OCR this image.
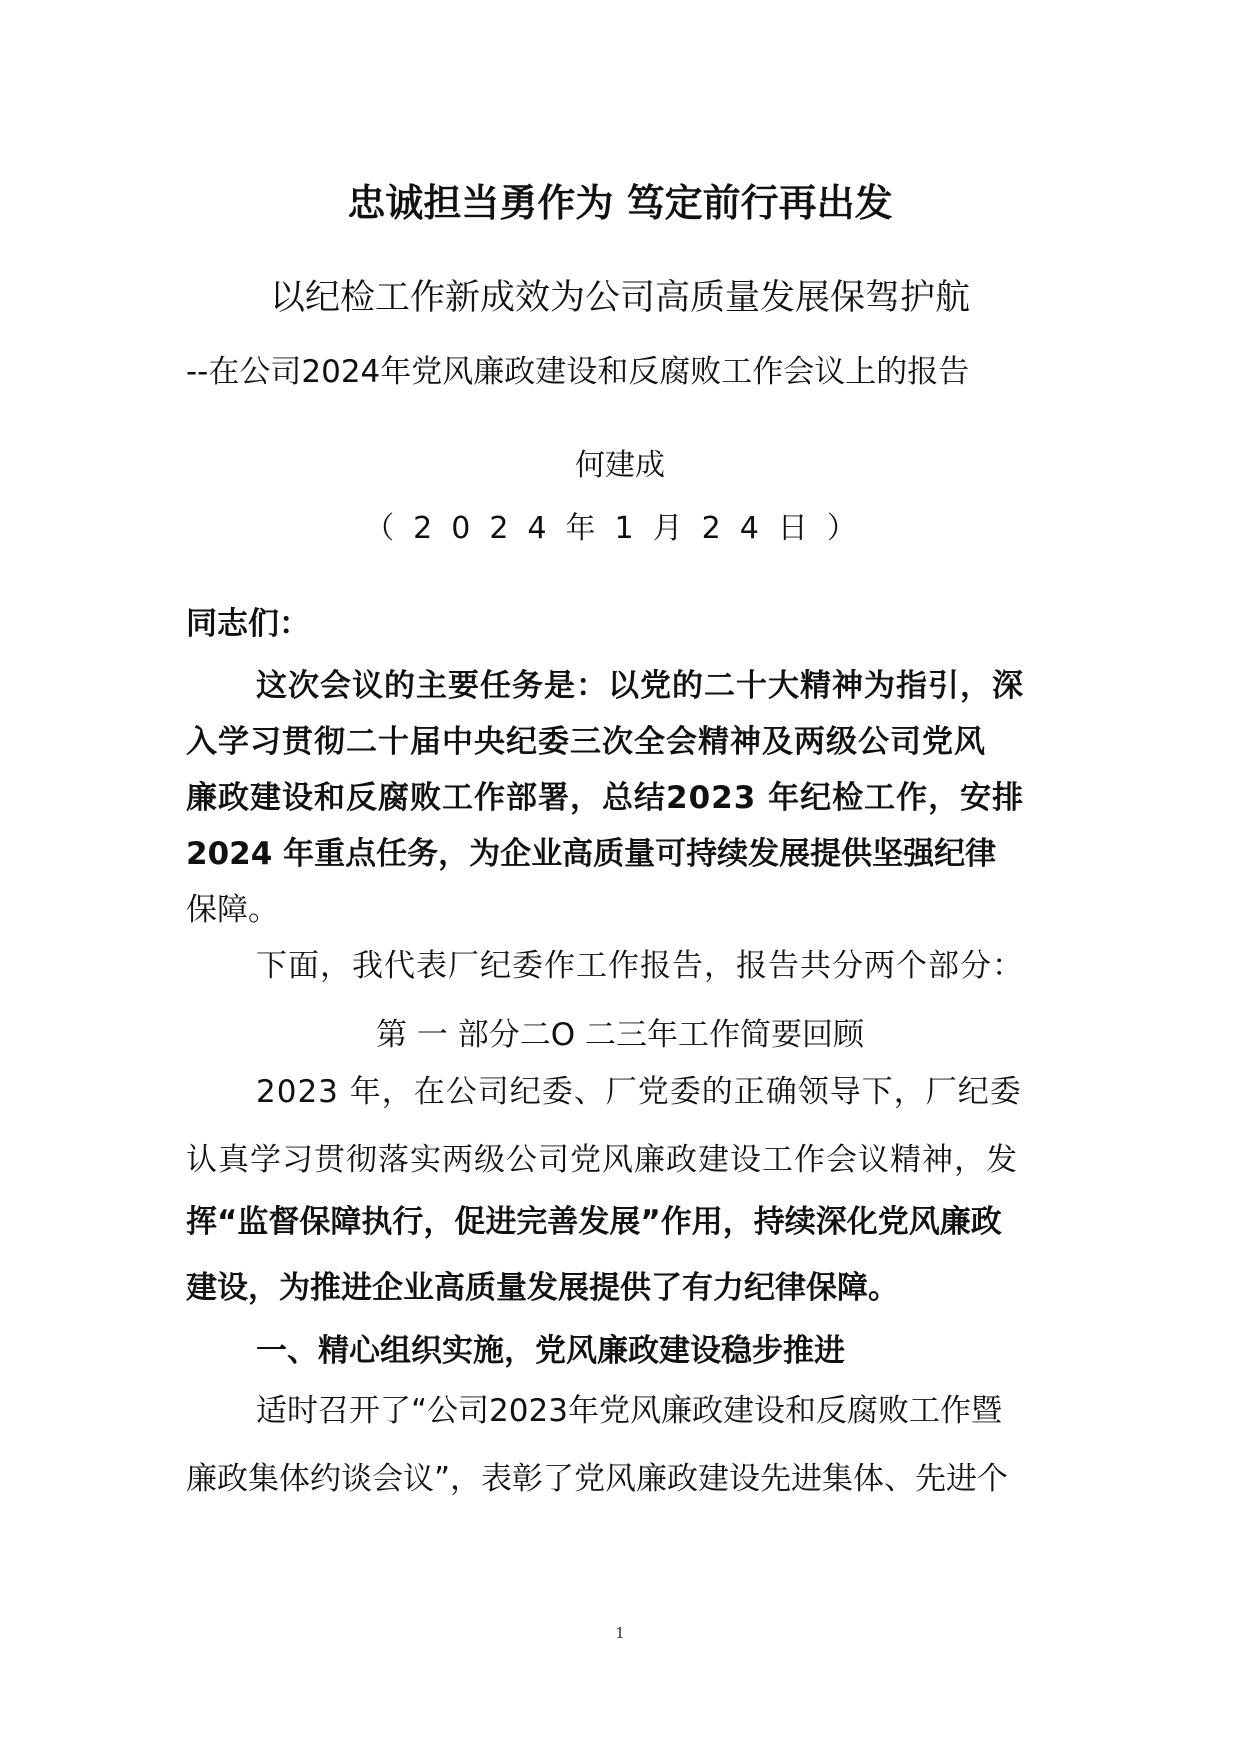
忠诚担当勇作为 笃定前行再出发
以纪检工作新成效为公司高质量发展保驾护航
--在公司2024年党风廉政建设和反腐败工作会议上的报告
何建成
（2024年1月24日）
同志们：
这次会议的主要任务是：以党的二十大精神为指引，深
入学习贯彻二十届中央纪委三次全会精神及两级公司党风
廉政建设和反腐败工作部署，总结2023 年纪检工作，安排
2024 年重点任务，为企业高质量可持续发展提供坚强纪律
保障。
下面，我代表厂纪委作工作报告，报告共分两个部分：
第 一 部分二O 二三年工作简要回顾
2023 年，在公司纪委、厂党委的正确领导下，厂纪委
认真学习贯彻落实两级公司党风廉政建设工作会议精神，发
挥“监督保障执行，促进完善发展”作用，持续深化党风廉政
建设，为推进企业高质量发展提供了有力纪律保障。
一、精心组织实施，党风廉政建设稳步推进
适时召开了“公司2023年党风廉政建设和反腐败工作暨
廉政集体约谈会议”，表彰了党风廉政建设先进集体、先进个
1
